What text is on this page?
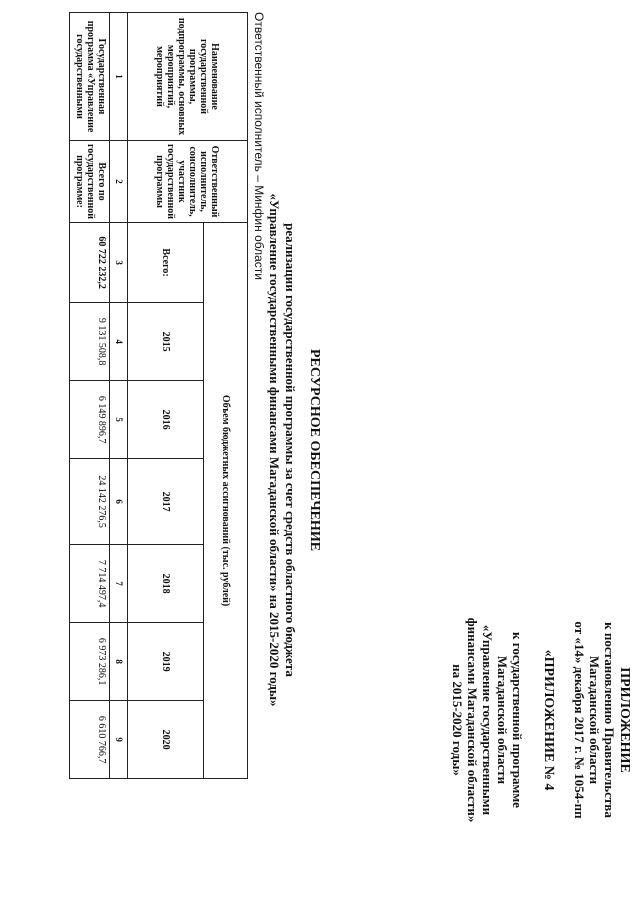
ПРИЛОЖЕНИЕ
к постановлению Правительства
Магаданской области
от «14» декабря 2017 г. № 1054-пп
«ПРИЛОЖЕНИЕ № 4
к государственной программе
Магаданской области
«Управление государственными
финансами Магаданской области»
на 2015-2020 годы»
РЕСУРСНОЕ ОБЕСПЕЧЕНИЕ
реализации государственной программы за счет средств областного бюджета
«Управление государственными финансами Магаданской области» на 2015-2020 годы»
Ответственный исполнитель – Минфин области
Наименование государственной программы, подпрограммы, основных мероприятий, мероприятий	Ответственный исполнитель, соисполнитель, участник государственной программы	Объем бюджетных ассигнований (тыс. рублей)						
		Всего:	2015	2016	2017	2018	2019	2020
1	2	3	4	5	6	7	8	9
Государственная программа «Управление государственными	Всего по государственной программе:	60 722 232,2	9 131 508,8	6 149 896,7	24 142 276,5	7 714 497,4	6 973 286,1	6 610 766,7
